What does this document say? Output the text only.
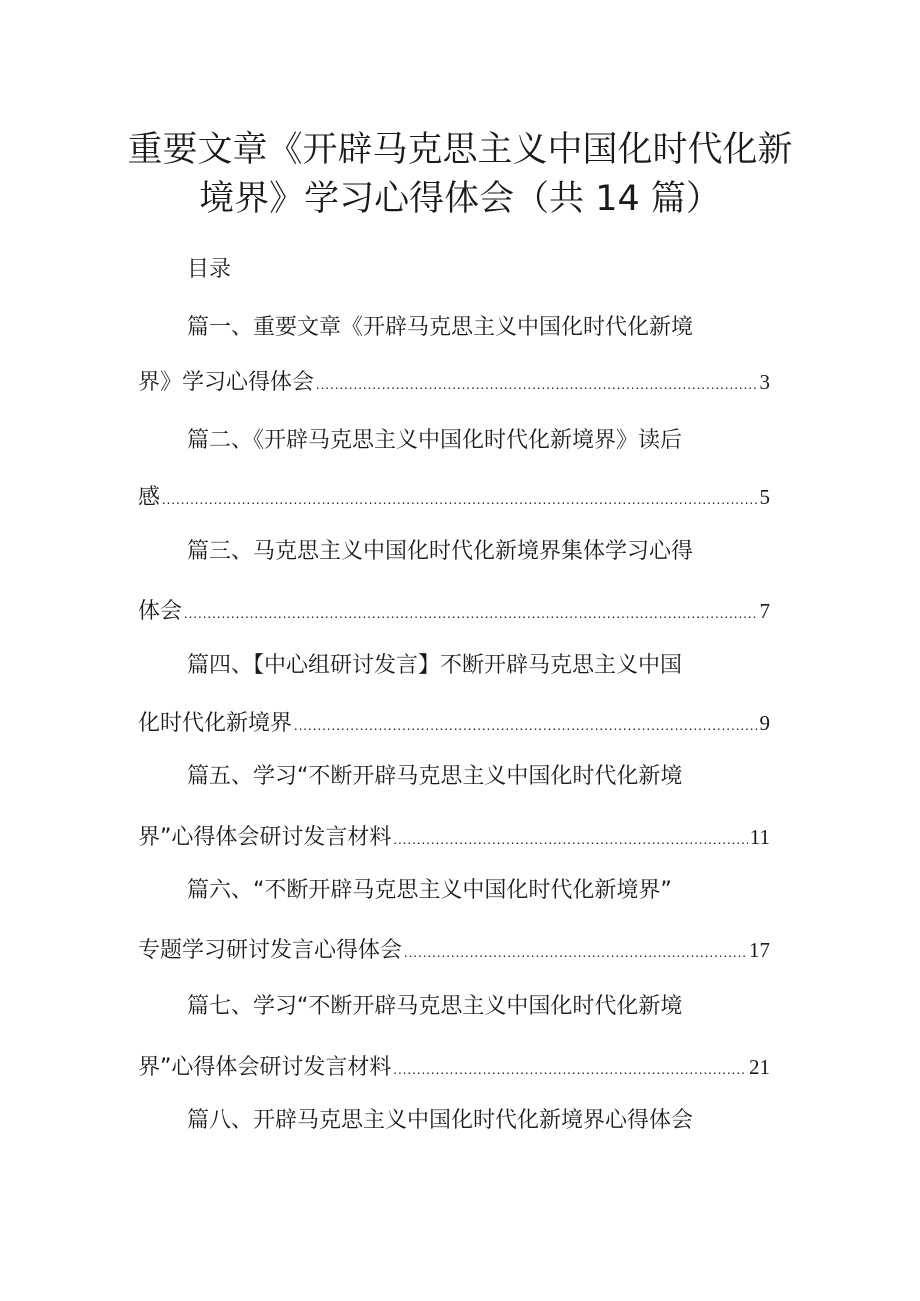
重要文章《开辟马克思主义中国化时代化新
境界》学习心得体会（共 14 篇）
目录
篇一、重要文章《开辟马克思主义中国化时代化新境
界》学习心得体会 .....	3
篇二、《开辟马克思主义中国化时代化新境界》读后
感 .....	5
篇三、马克思主义中国化时代化新境界集体学习心得
体会 .....	7
篇四、【中心组研讨发言】不断开辟马克思主义中国
化时代化新境界 .....	9
篇五、学习“不断开辟马克思主义中国化时代化新境
界”心得体会研讨发言材料 .....	11
篇六、“不断开辟马克思主义中国化时代化新境界”
专题学习研讨发言心得体会 .....	17
篇七、学习“不断开辟马克思主义中国化时代化新境
界”心得体会研讨发言材料 .....	21
篇八、开辟马克思主义中国化时代化新境界心得体会
